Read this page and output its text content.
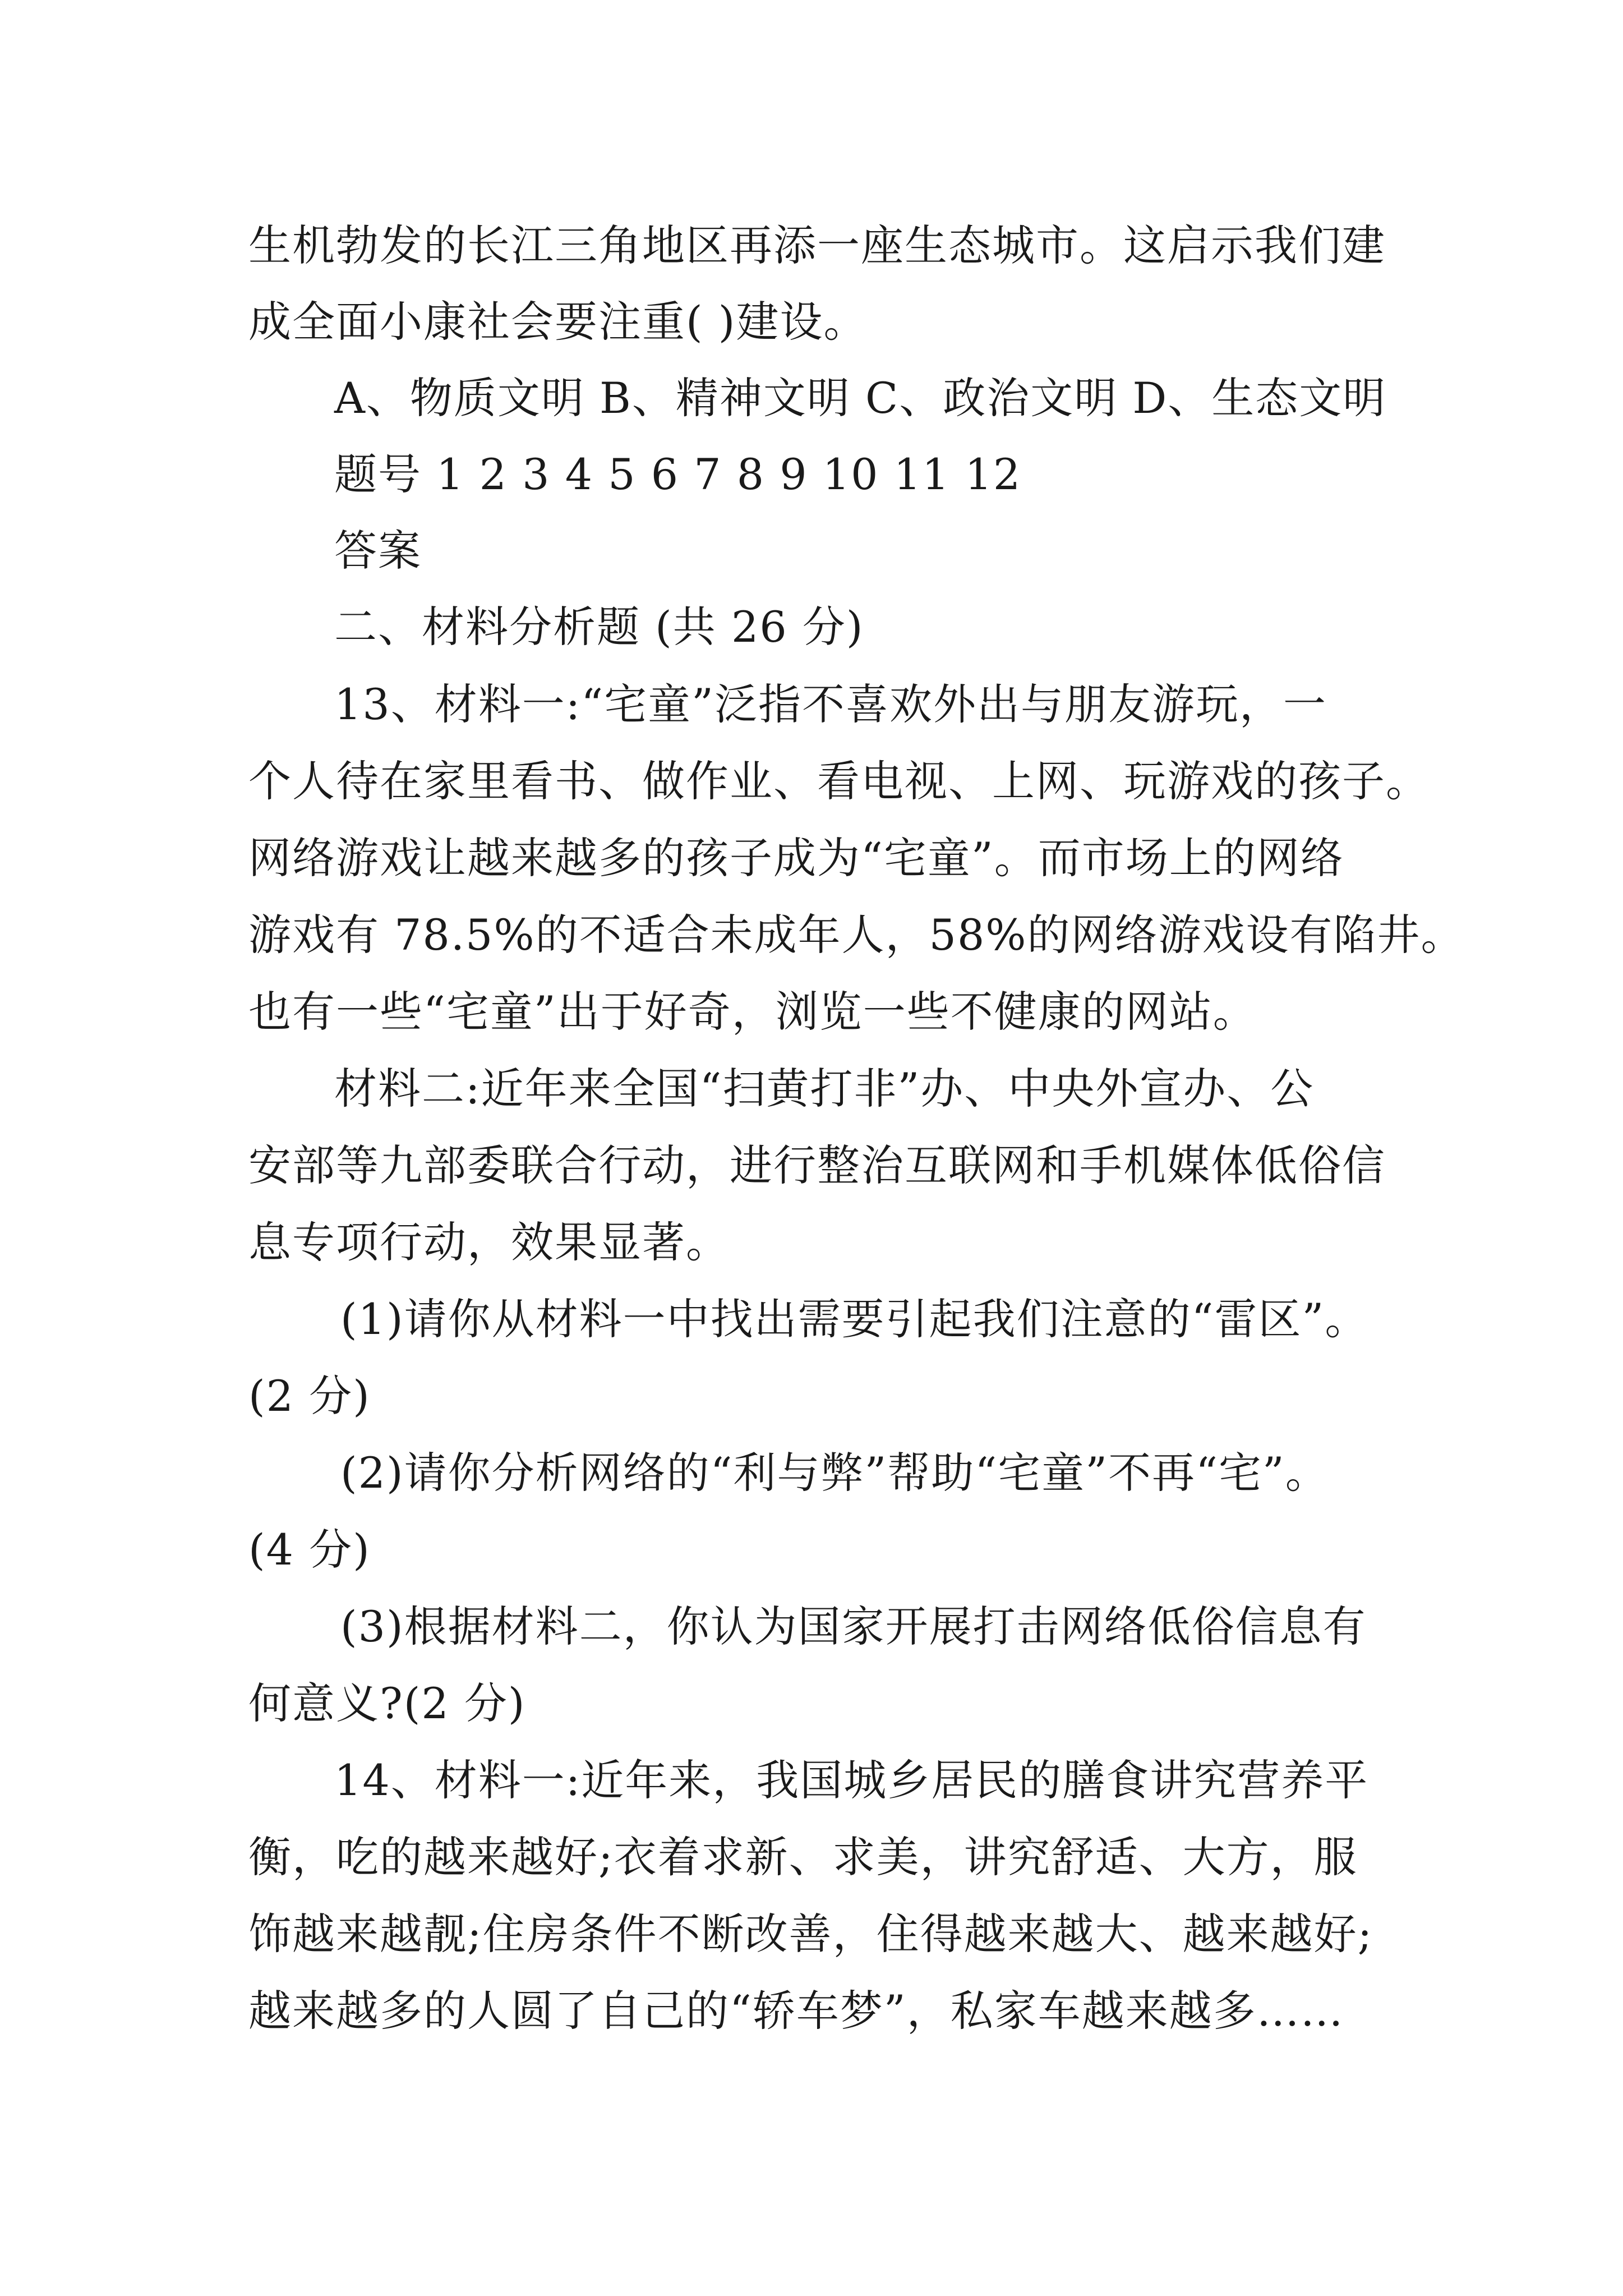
生机勃发的长江三角地区再添一座生态城市。这启示我们建
成全面小康社会要注重( )建设。
A、物质文明 B、精神文明 C、政治文明 D、生态文明
题号 1 2 3 4 5 6 7 8 9 10 11 12
答案
二、材料分析题 (共 26 分)
13、材料一:“宅童”泛指不喜欢外出与朋友游玩，一
个人待在家里看书、做作业、看电视、上网、玩游戏的孩子。
网络游戏让越来越多的孩子成为“宅童”。而市场上的网络
游戏有 78.5%的不适合未成年人，58%的网络游戏设有陷井。
也有一些“宅童”出于好奇，浏览一些不健康的网站。
材料二:近年来全国“扫黄打非”办、中央外宣办、公
安部等九部委联合行动，进行整治互联网和手机媒体低俗信
息专项行动，效果显著。
(1)请你从材料一中找出需要引起我们注意的“雷区”。
(2 分)
(2)请你分析网络的“利与弊”帮助“宅童”不再“宅”。
(4 分)
(3)根据材料二，你认为国家开展打击网络低俗信息有
何意义?(2 分)
14、材料一:近年来，我国城乡居民的膳食讲究营养平
衡，吃的越来越好;衣着求新、求美，讲究舒适、大方，服
饰越来越靓;住房条件不断改善，住得越来越大、越来越好;
越来越多的人圆了自己的“轿车梦”，私家车越来越多……
